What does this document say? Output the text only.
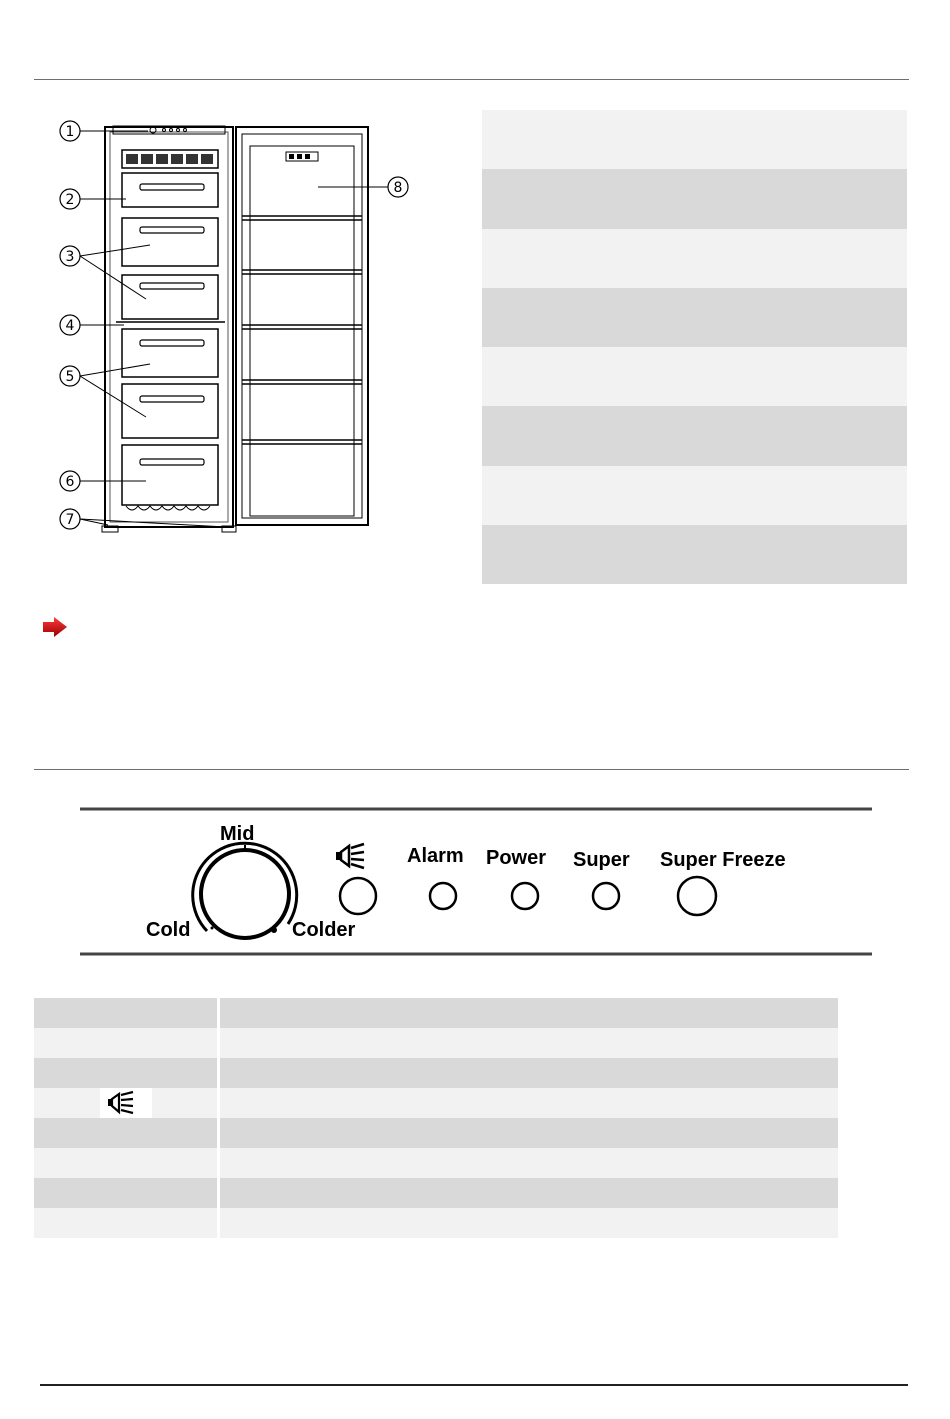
1
2
3
4
5
6
7
8
Mid
Cold	Colder
Alarm Power Super Super Freeze
